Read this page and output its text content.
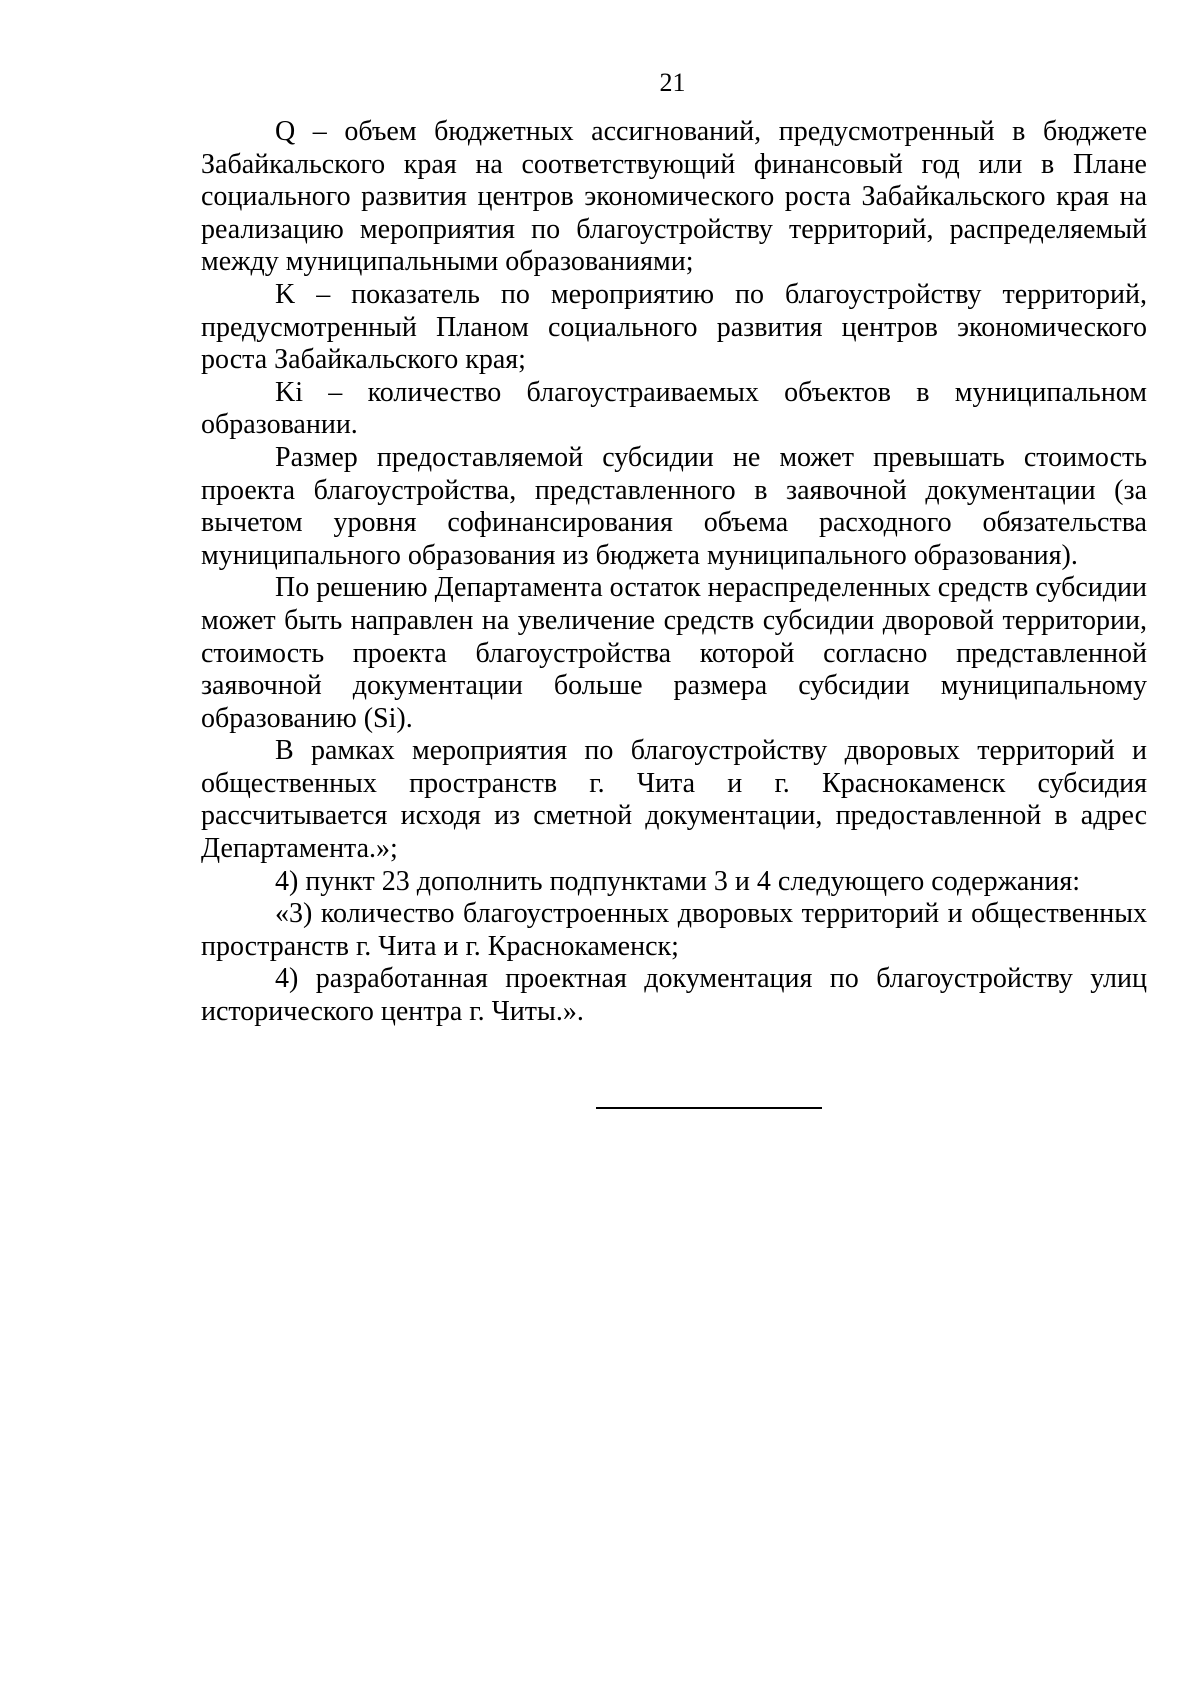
21

Q – объем бюджетных ассигнований, предусмотренный в бюджете Забайкальского края на соответствующий финансовый год или в Плане социального развития центров экономического роста Забайкальского края на реализацию мероприятия по благоустройству территорий, распределяемый между муниципальными образованиями;

K – показатель по мероприятию по благоустройству территорий, предусмотренный Планом социального развития центров экономического роста Забайкальского края;

Ki – количество благоустраиваемых объектов в муниципальном образовании.

Размер предоставляемой субсидии не может превышать стоимость проекта благоустройства, представленного в заявочной документации (за вычетом уровня софинансирования объема расходного обязательства муниципального образования из бюджета муниципального образования).

По решению Департамента остаток нераспределенных средств субсидии может быть направлен на увеличение средств субсидии дворовой территории, стоимость проекта благоустройства которой согласно представленной заявочной документации больше размера субсидии муниципальному образованию (Si).

В рамках мероприятия по благоустройству дворовых территорий и общественных пространств г. Чита и г. Краснокаменск субсидия рассчитывается исходя из сметной документации, предоставленной в адрес Департамента.»;

4) пункт 23 дополнить подпунктами 3 и 4 следующего содержания:

«3) количество благоустроенных дворовых территорий и общественных пространств г. Чита и г. Краснокаменск;

4) разработанная проектная документация по благоустройству улиц исторического центра г. Читы.».
